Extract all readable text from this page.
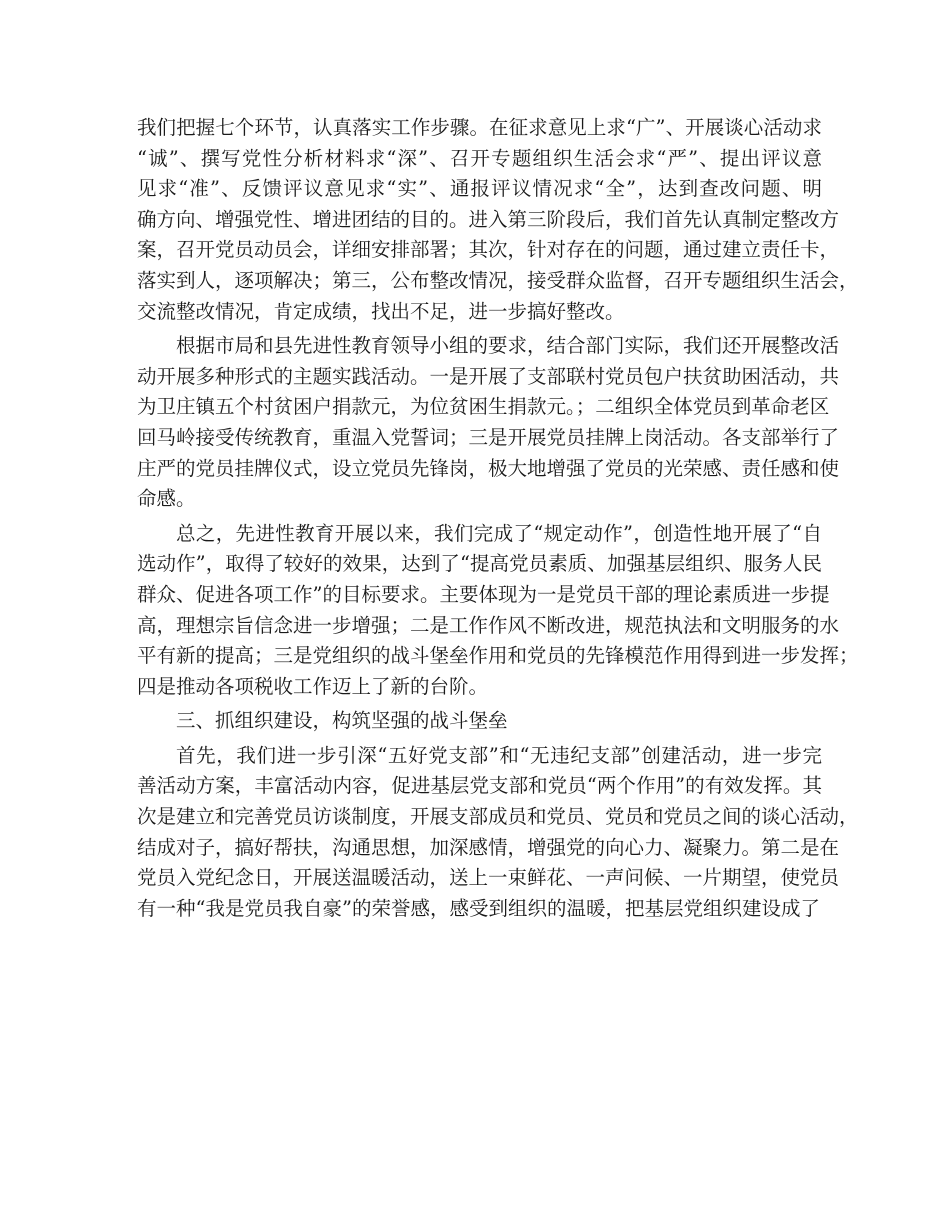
我们把握七个环节，认真落实工作步骤。在征求意见上求“广”、开展谈心活动求
“诚”、撰写党性分析材料求“深”、召开专题组织生活会求“严”、提出评议意
见求“准”、反馈评议意见求“实”、通报评议情况求“全”，达到查改问题、明
确方向、增强党性、增进团结的目的。进入第三阶段后，我们首先认真制定整改方
案，召开党员动员会，详细安排部署；其次，针对存在的问题，通过建立责任卡，
落实到人，逐项解决；第三，公布整改情况，接受群众监督，召开专题组织生活会，
交流整改情况，肯定成绩，找出不足，进一步搞好整改。
根据市局和县先进性教育领导小组的要求，结合部门实际，我们还开展整改活
动开展多种形式的主题实践活动。一是开展了支部联村党员包户扶贫助困活动，共
为卫庄镇五个村贫困户捐款元，为位贫困生捐款元。；二组织全体党员到革命老区
回马岭接受传统教育，重温入党誓词；三是开展党员挂牌上岗活动。各支部举行了
庄严的党员挂牌仪式，设立党员先锋岗，极大地增强了党员的光荣感、责任感和使
命感。
总之，先进性教育开展以来，我们完成了“规定动作”，创造性地开展了“自
选动作”，取得了较好的效果，达到了“提高党员素质、加强基层组织、服务人民
群众、促进各项工作”的目标要求。主要体现为一是党员干部的理论素质进一步提
高，理想宗旨信念进一步增强；二是工作作风不断改进，规范执法和文明服务的水
平有新的提高；三是党组织的战斗堡垒作用和党员的先锋模范作用得到进一步发挥；
四是推动各项税收工作迈上了新的台阶。
三、抓组织建设，构筑坚强的战斗堡垒
首先，我们进一步引深“五好党支部”和“无违纪支部”创建活动，进一步完
善活动方案，丰富活动内容，促进基层党支部和党员“两个作用”的有效发挥。其
次是建立和完善党员访谈制度，开展支部成员和党员、党员和党员之间的谈心活动，
结成对子，搞好帮扶，沟通思想，加深感情，增强党的向心力、凝聚力。第二是在
党员入党纪念日，开展送温暖活动，送上一束鲜花、一声问候、一片期望，使党员
有一种“我是党员我自豪”的荣誉感，感受到组织的温暖，把基层党组织建设成了
